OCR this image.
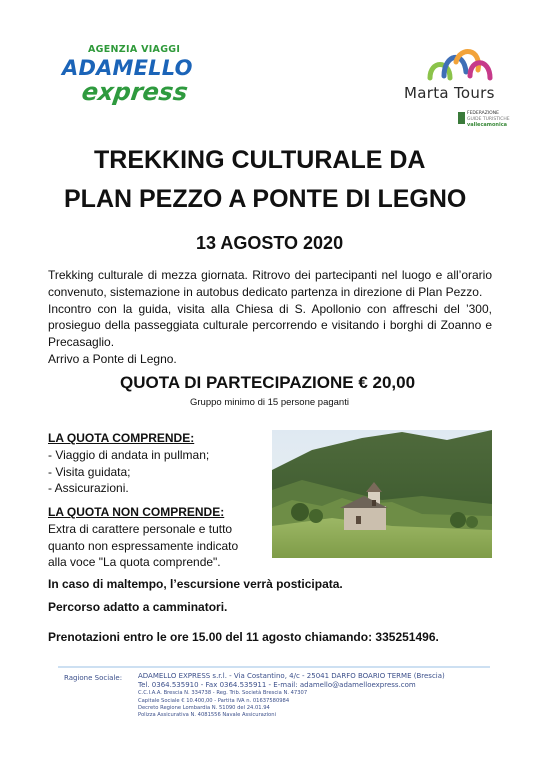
AGENZIA VIAGGI
ADAMELLO
express	Marta Tours
FEDERAZIONE
GUIDE TURISTICHE
vallecamonica
TREKKING CULTURALE DA
PLAN PEZZO A PONTE DI LEGNO
13 AGOSTO 2020

Trekking culturale di mezza giornata. Ritrovo dei partecipanti nel luogo e all’orario convenuto, sistemazione in autobus dedicato partenza in direzione di Plan Pezzo.

Incontro con la guida, visita alla Chiesa di S. Apollonio con affreschi del ’300, prosieguo della passeggiata culturale percorrendo e visitando i borghi di Zoanno e Precasaglio.

Arrivo a Ponte di Legno.

QUOTA DI PARTECIPAZIONE € 20,00
Gruppo minimo di 15 persone paganti
LA QUOTA COMPRENDE:
- Viaggio di andata in pullman;
- Visita guidata;
- Assicurazioni.
LA QUOTA NON COMPRENDE:
Extra di carattere personale e tutto quanto non espressamente indicato alla voce "La quota comprende".
In caso di maltempo, l’escursione verrà posticipata.
Percorso adatto a camminatori.
Prenotazioni entro le ore 15.00 del 11 agosto chiamando: 335251496.
Ragione Sociale: ADAMELLO EXPRESS s.r.l. - Via Costantino, 4/c - 25041 DARFO BOARIO TERME (Brescia)
Tel. 0364.535910 - Fax 0364.535911 - E-mail: adamello@adamelloexpress.com
C.C.I.A.A. Brescia N. 334738 - Reg. Trib. Società Brescia N. 47307
Capitale Sociale € 10.400,00 - Partita IVA n. 01637580984
Decreto Regione Lombardia N. 51090 del 24.01.94
Polizza Assicurativa N. 4081556 Navale Assicurazioni
